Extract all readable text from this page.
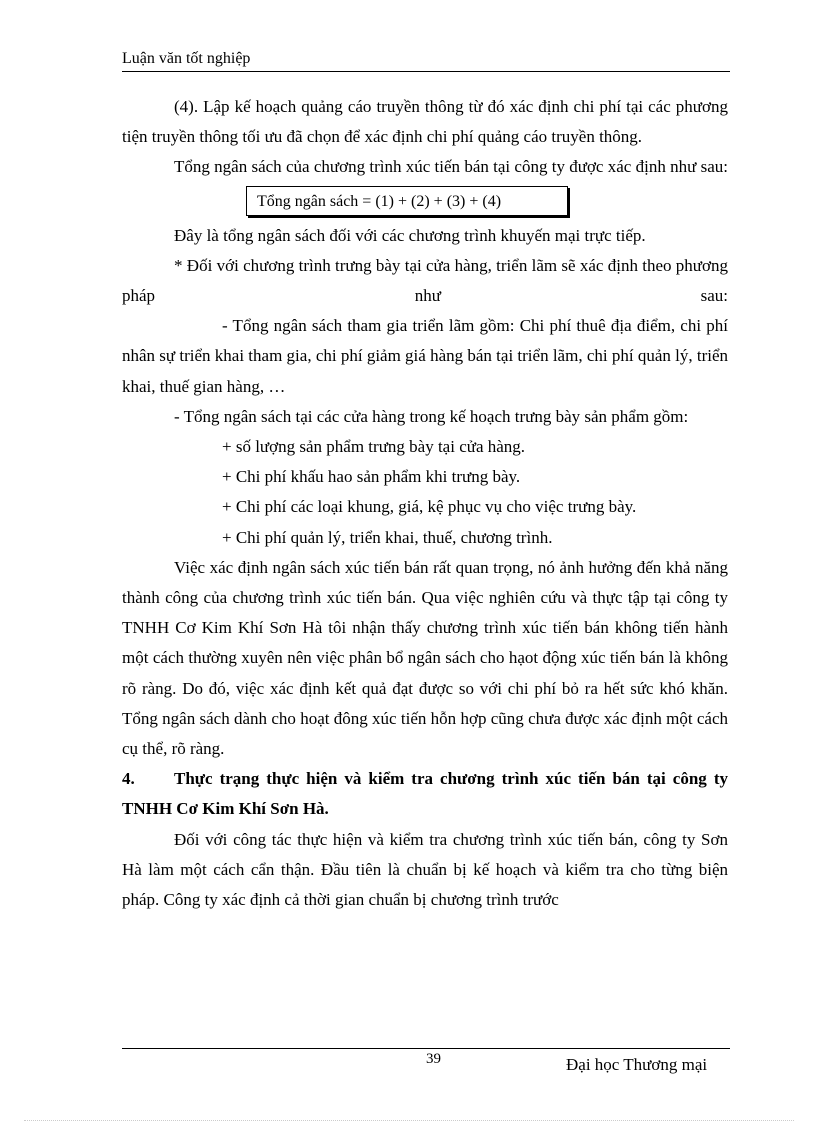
Luận văn tốt nghiệp

(4). Lập kế hoạch quảng cáo truyền thông từ đó xác định chi phí tại các phương tiện truyền thông tối ưu đã chọn để xác định chi phí quảng cáo truyền thông.

Tổng ngân sách của chương trình xúc tiến bán tại công ty được xác định như sau:

Tổng ngân sách = (1) + (2) + (3) + (4)

Đây là tổng ngân sách đối với các chương trình khuyến mại trực tiếp.

* Đối với chương trình trưng bày tại cửa hàng, triển lãm sẽ xác định theo phương pháp như sau:

- Tổng ngân sách tham gia triển lãm gồm: Chi phí thuê địa điểm, chi phí nhân sự triển khai tham gia, chi phí giảm giá hàng bán tại triển lãm, chi phí quản lý, triển khai, thuế gian hàng, …

- Tổng ngân sách tại các cửa hàng trong kế hoạch trưng bày sản phẩm gồm:

+ số lượng sản phẩm trưng bày tại cửa hàng.

+ Chi phí khấu hao sản phẩm khi trưng bày.

+ Chi phí các loại khung, giá, kệ phục vụ cho việc trưng bày.

+ Chi phí quản lý, triển khai, thuế, chương trình.

Việc xác định ngân sách xúc tiến bán rất quan trọng, nó ảnh hưởng đến khả năng thành công của chương trình xúc tiến bán. Qua việc nghiên cứu và thực tập tại công ty TNHH Cơ Kim Khí Sơn Hà tôi nhận thấy chương trình xúc tiến bán không tiến hành một cách thường xuyên nên việc phân bổ ngân sách cho hạot động xúc tiến bán là không rõ ràng. Do đó, việc xác định kết quả đạt được so với chi phí bỏ ra hết sức khó khăn. Tổng ngân sách dành cho hoạt đông xúc tiến hỗn hợp cũng chưa được xác định một cách cụ thể, rõ ràng.

4. Thực trạng thực hiện và kiểm tra chương trình xúc tiến bán tại công ty TNHH Cơ Kim Khí Sơn Hà.

Đối với công tác thực hiện và kiểm tra chương trình xúc tiến bán, công ty Sơn Hà làm một cách cẩn thận. Đầu tiên là chuẩn bị kế hoạch và kiểm tra cho từng biện pháp. Công ty xác định cả thời gian chuẩn bị chương trình trước

39	Đại học Thương mại
